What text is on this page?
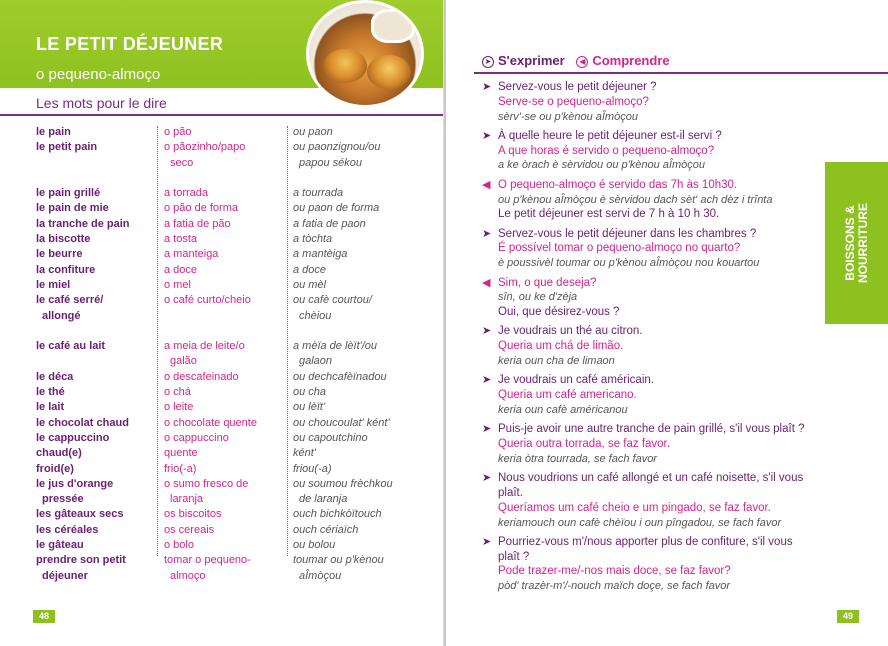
LE PETIT DÉJEUNER
o pequeno-almoço
Les mots pour le dire
le pain
le petit pain

le pain grillé
le pain de mie
la tranche de pain
la biscotte
le beurre
la confiture
le miel
le café serré/
allongé
le café au lait

le déca
le thé
le lait
le chocolat chaud
le cappuccino
chaud(e)
froid(e)
le jus d'orange
pressée
les gâteaux secs
les céréales
le gâteau
prendre son petit
déjeuner
o pão
o pãozinho/papo
seco
a torrada
o pão de forma
a fatia de pão
a tosta
a manteiga
a doce
o mel
o café curto/cheio

a meia de leite/o
galão
o descafeinado
o chá
o leite
o chocolate quente
o cappuccino
quente
frio(-a)
o sumo fresco de
laranja
os biscoitos
os cereais
o bolo
tomar o pequeno-
almoço
ou paon
ou paonzignou/ou
papou sékou
a tourrada
ou paon de forma
a fatia de paon
a tòchta
a mantèiga
a doce
ou mèl
ou cafè courtou/
chèiou
a mèïa de lèït'/ou
galaon
ou dechcafèïnadou
ou cha
ou lèït'
ou choucoulat' ként'
ou capoutchino
ként'
friou(-a)
ou soumou frèchkou
de laranja
ouch bichkòïtouch
ouch cériaïch
ou bolou
toumar ou p'kènou
aÎmòçou
48
➤ S'exprimer ◀ Comprendre
➤ Servez-vous le petit déjeuner ?
Serve-se o pequeno-almoço?
sèrv'-se ou p'kènou aÎmòçou
➤ À quelle heure le petit déjeuner est-il servi ?
A que horas é servido o pequeno-almoço?
a ke òrach è sèrvidou ou p'kènou aÎmòçou
◀ O pequeno-almoço é servido das 7h às 10h30.
ou p'kènou aÎmòçou è sèrvidou dach sèt' ach dèz i trînta
Le petit déjeuner est servi de 7 h à 10 h 30.
➤ Servez-vous le petit déjeuner dans les chambres ?
É possível tomar o pequeno-almoço no quarto?
è poussivèl toumar ou p'kènou aÎmòçou nou kouartou
◀ Sim, o que deseja?
sîn, ou ke d'zèja
Oui, que désirez-vous ?
➤ Je voudrais un thé au citron.
Queria um chá de limão.
keria oun cha de limaon
➤ Je voudrais un café américain.
Queria um café americano.
keria oun cafè américanou
➤ Puis-je avoir une autre tranche de pain grillé, s'il vous plaît ?
Queria outra torrada, se faz favor.
keria òtra tourrada, se fach favor
➤ Nous voudrions un café allongé et un café noisette, s'il vous plaît.
Queríamos um café cheio e um pingado, se faz favor.
keriamouch oun cafè chèïou i oun pîngadou, se fach favor
➤ Pourriez-vous m'/nous apporter plus de confiture, s'il vous plaît ?
Pode trazer-me/-nos mais doce, se faz favor?
pòd' trazèr-m'/-nouch maïch doçe, se fach favor
BOISSONS &
NOURRITURE
49
